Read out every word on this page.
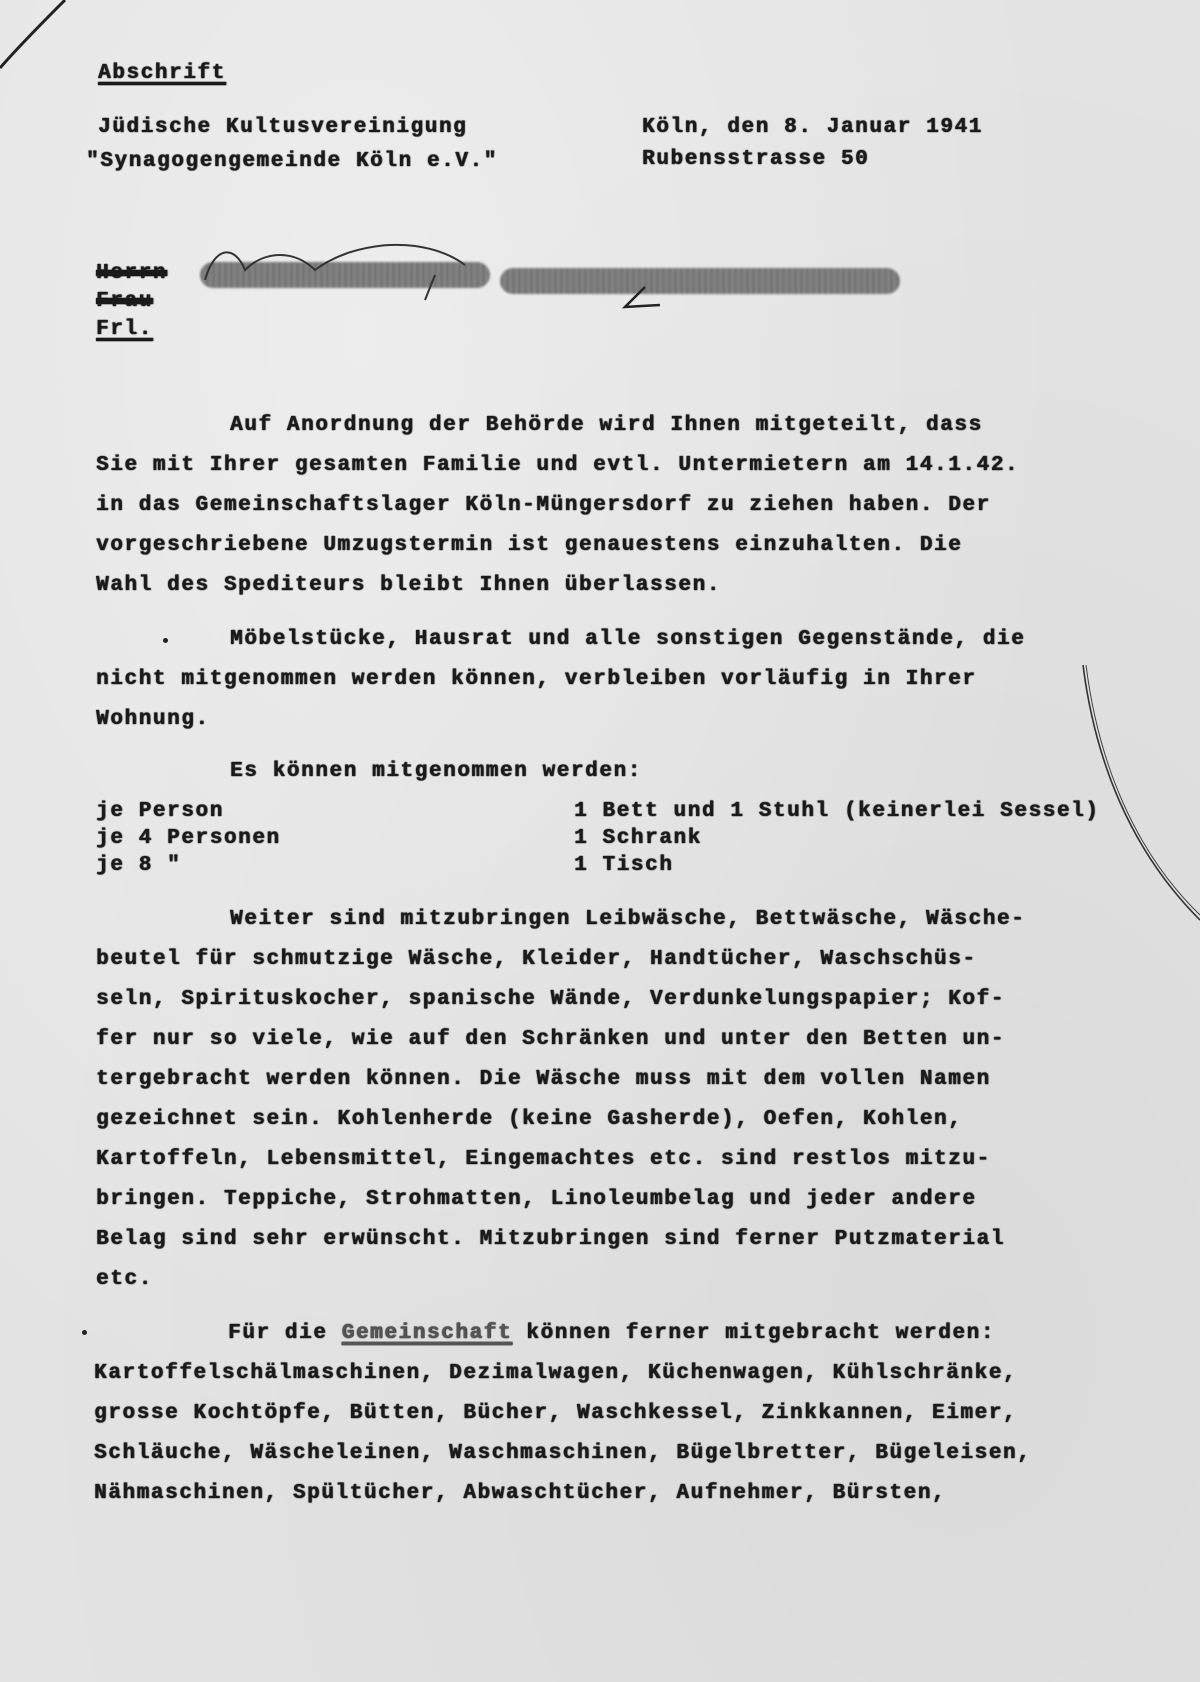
Abschrift
Jüdische Kultusvereinigung
"Synagogengemeinde Köln e.V."
Köln, den 8. Januar 1941
Rubensstrasse 50
Herrn
Frau
Frl.
Auf Anordnung der Behörde wird Ihnen mitgeteilt, dass
Sie mit Ihrer gesamten Familie und evtl. Untermietern am 14.1.42.
in das Gemeinschaftslager Köln-Müngersdorf zu ziehen haben. Der
vorgeschriebene Umzugstermin ist genauestens einzuhalten. Die
Wahl des Spediteurs bleibt Ihnen überlassen.
Möbelstücke, Hausrat und alle sonstigen Gegenstände, die
nicht mitgenommen werden können, verbleiben vorläufig in Ihrer
Wohnung.
Es können mitgenommen werden:
je Person	1 Bett und 1 Stuhl (keinerlei Sessel)
je 4 Personen	1 Schrank
je 8 "	1 Tisch
Weiter sind mitzubringen Leibwäsche, Bettwäsche, Wäsche-
beutel für schmutzige Wäsche, Kleider, Handtücher, Waschschüs-
seln, Spirituskocher, spanische Wände, Verdunkelungspapier; Kof-
fer nur so viele, wie auf den Schränken und unter den Betten un-
tergebracht werden können. Die Wäsche muss mit dem vollen Namen
gezeichnet sein. Kohlenherde (keine Gasherde), Oefen, Kohlen,
Kartoffeln, Lebensmittel, Eingemachtes etc. sind restlos mitzu-
bringen. Teppiche, Strohmatten, Linoleumbelag und jeder andere
Belag sind sehr erwünscht. Mitzubringen sind ferner Putzmaterial
etc.
Für die Gemeinschaft können ferner mitgebracht werden:
Kartoffelschälmaschinen, Dezimalwagen, Küchenwagen, Kühlschränke,
grosse Kochtöpfe, Bütten, Bücher, Waschkessel, Zinkkannen, Eimer,
Schläuche, Wäscheleinen, Waschmaschinen, Bügelbretter, Bügeleisen,
Nähmaschinen, Spültücher, Abwaschtücher, Aufnehmer, Bürsten,
